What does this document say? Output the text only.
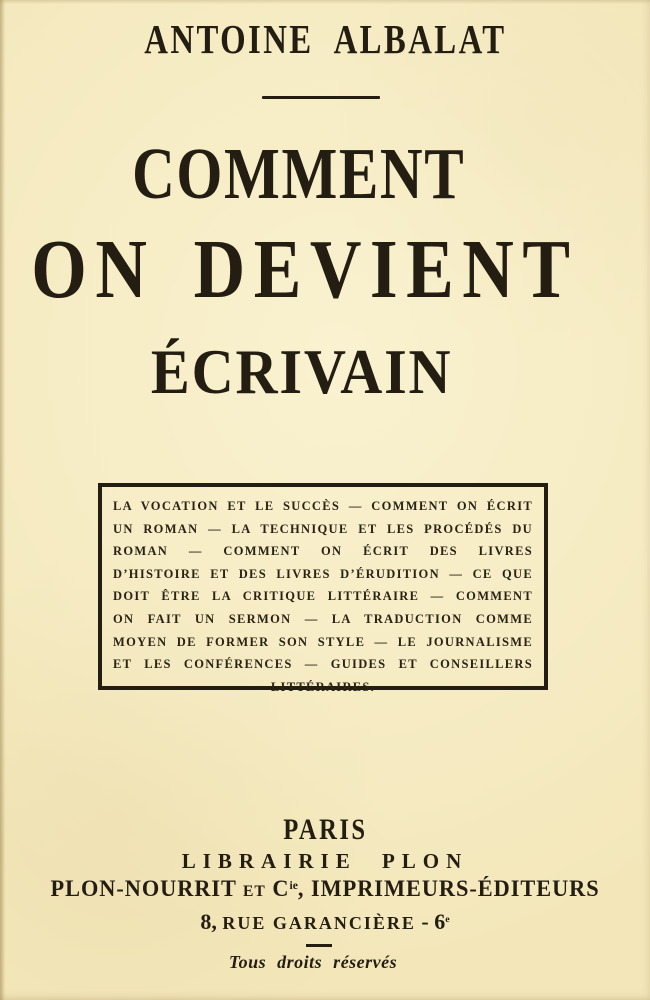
ANTOINE ALBALAT
COMMENT
ON DEVIENT
ÉCRIVAIN

LA VOCATION ET LE SUCCÈS — COMMENT ON ÉCRIT UN ROMAN — LA TECHNIQUE ET LES PROCÉDÉS DU ROMAN — COMMENT ON ÉCRIT DES LIVRES D’HISTOIRE ET DES LIVRES D’ÉRUDITION — CE QUE DOIT ÊTRE LA CRITIQUE LITTÉRAIRE — COMMENT ON FAIT UN SERMON — LA TRADUCTION COMME MOYEN DE FORMER SON STYLE — LE JOURNALISME ET LES CONFÉRENCES — GUIDES ET CONSEILLERS LITTÉRAIRES.

PARIS
LIBRAIRIE PLON
PLON-NOURRIT ET $C^{ie}$, IMPRIMEURS-ÉDITEURS
8, RUE GARANCIÈRE - 6e
Tous droits réservés
